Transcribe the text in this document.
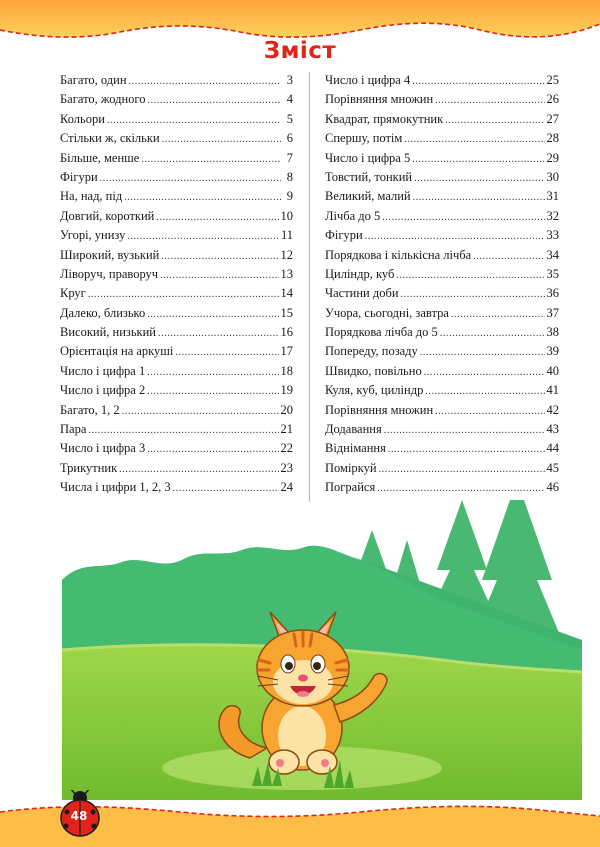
Зміст
Багато, один .....	3
Багато, жодного .....	4
Кольори .....	5
Стільки ж, скільки .....	6
Більше, менше .....	7
Фігури .....	8
На, над, під .....	9
Довгий, короткий .....	10
Угорі, унизу .....	11
Широкий, вузький .....	12
Ліворуч, праворуч .....	13
Круг .....	14
Далеко, близько .....	15
Високий, низький .....	16
Орієнтація на аркуші .....	17
Число і цифра 1 .....	18
Число і цифра 2 .....	19
Багато, 1, 2 .....	20
Пара .....	21
Число і цифра 3 .....	22
Трикутник .....	23
Числа і цифри 1, 2, 3 .....	24
Число і цифра 4 .....	25
Порівняння множин .....	26
Квадрат, прямокутник .....	27
Спершу, потім .....	28
Число і цифра 5 .....	29
Товстий, тонкий .....	30
Великий, малий .....	31
Лічба до 5 .....	32
Фігури .....	33
Порядкова і кількісна лічба .....	34
Циліндр, куб .....	35
Частини доби .....	36
Учора, сьогодні, завтра .....	37
Порядкова лічба до 5 .....	38
Попереду, позаду .....	39
Швидко, повільно .....	40
Куля, куб, циліндр .....	41
Порівняння множин .....	42
Додавання .....	43
Віднімання .....	44
Поміркуй .....	45
Пограйся .....	46
48
